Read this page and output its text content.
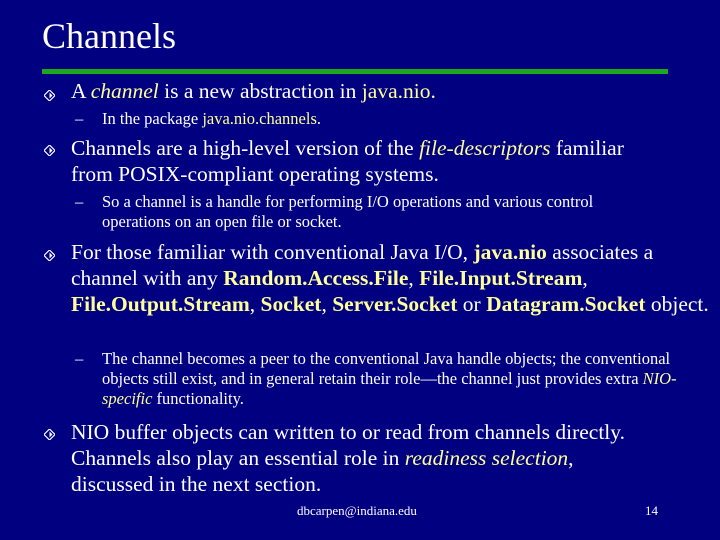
Channels
A channel is a new abstraction in java.nio.
– In the package java.nio.channels.
Channels are a high-level version of the file-descriptors familiar from POSIX-compliant operating systems.
– So a channel is a handle for performing I/O operations and various control operations on an open file or socket.
For those familiar with conventional Java I/O, java.nio associates a channel with any Random.Access.File, File.Input.Stream, File.Output.Stream, Socket, Server.Socket or Datagram.Socket object.
– The channel becomes a peer to the conventional Java handle objects; the conventional objects still exist, and in general retain their role—the channel just provides extra NIO-specific functionality.
NIO buffer objects can written to or read from channels directly. Channels also play an essential role in readiness selection, discussed in the next section.
dbcarpen@indiana.edu	14
